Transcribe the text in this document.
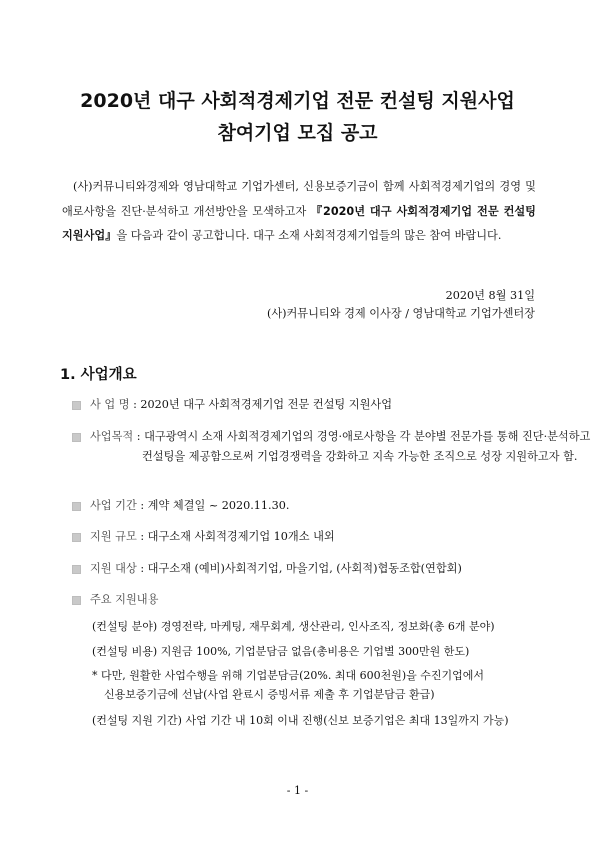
2020년 대구 사회적경제기업 전문 컨설팅 지원사업
참여기업 모집 공고

(사)커뮤니티와경제와 영남대학교 기업가센터, 신용보증기금이 함께 사회적경제기업의 경영 및 애로사항을 진단·분석하고 개선방안을 모색하고자 『2020년 대구 사회적경제기업 전문 컨설팅 지원사업』을 다음과 같이 공고합니다. 대구 소재 사회적경제기업들의 많은 참여 바랍니다.

2020년 8월 31일
(사)커뮤니티와 경제 이사장 / 영남대학교 기업가센터장
1. 사업개요
사 업 명 : 2020년 대구 사회적경제기업 전문 컨설팅 지원사업
사업목적 : 대구광역시 소재 사회적경제기업의 경영·애로사항을 각 분야별 전문가를 통해 진단·분석하고 컨설팅을 제공함으로써 기업경쟁력을 강화하고 지속 가능한 조직으로 성장 지원하고자 함.
사업 기간 : 계약 체결일 ~ 2020.11.30.
지원 규모 : 대구소재 사회적경제기업 10개소 내외
지원 대상 : 대구소재 (예비)사회적기업, 마을기업, (사회적)협동조합(연합회)
주요 지원내용
(컨설팅 분야) 경영전략, 마케팅, 재무회계, 생산관리, 인사조직, 정보화(총 6개 분야)
(컨설팅 비용) 지원금 100%, 기업분담금 없음(총비용은 기업별 300만원 한도)
* 다만, 원활한 사업수행을 위해 기업분담금(20%. 최대 600천원)을 수진기업에서
신용보증기금에 선납(사업 완료시 증빙서류 제출 후 기업분담금 환급)
(컨설팅 지원 기간) 사업 기간 내 10회 이내 진행(신보 보증기업은 최대 13일까지 가능)
- 1 -
